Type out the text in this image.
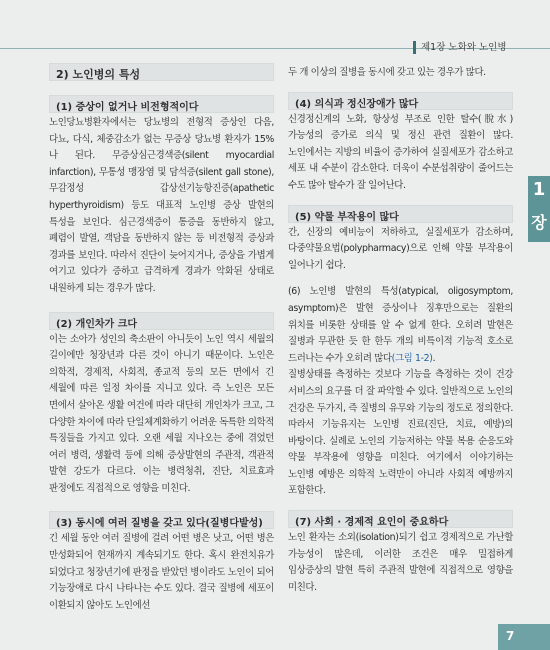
제1장 노화와 노인병
1
장
2) 노인병의 특성
(1) 증상이 없거나 비전형적이다

노인당뇨병환자에서는 당뇨병의 전형적 증상인 다음, 다뇨, 다식, 체중감소가 없는 무증상 당뇨병 환자가 15%나 된다. 무증상심근경색증(silent myocardial infarction), 무통성 맹장염 및 담석증(silent gall stone), 무감정성 갑상선기능항진증(apathetic hyperthyroidism) 등도 대표적 노인병 증상 발현의 특성을 보인다. 심근경색증이 통증을 동반하지 않고, 폐렴이 발열, 객담을 동반하지 않는 등 비전형적 증상과 경과를 보인다. 따라서 진단이 늦어지거나, 증상을 가볍게 여기고 있다가 증하고 급격하게 경과가 악화된 상태로 내원하게 되는 경우가 많다.

(2) 개인차가 크다

이는 소아가 성인의 축소판이 아니듯이 노인 역시 세월의 길이에만 청장년과 다른 것이 아니기 때문이다. 노인은 의학적, 경제적, 사회적, 종교적 등의 모든 면에서 긴 세월에 따른 일정 차이를 지니고 있다. 즉 노인은 모든 면에서 살아온 생활 여건에 따라 대단히 개인차가 크고, 그 다양한 차이에 따라 단일체계화하기 어려운 독특한 의학적 특징들을 가지고 있다. 오랜 세월 지나오는 중에 겪었던 여러 병력, 생활력 등에 의해 증상발현의 주관적, 객관적 발현 강도가 다르다. 이는 병력청취, 진단, 치료효과 판정에도 직접적으로 영향을 미친다.

(3) 동시에 여러 질병을 갖고 있다(질병다발성)

긴 세월 동안 여러 질병에 걸려 어떤 병은 낫고, 어떤 병은 만성화되어 현재까지 계속되기도 한다. 혹시 완전치유가 되었다고 청장년기에 판정을 받았던 병이라도 노인이 되어 기능장애로 다시 나타나는 수도 있다. 결국 질병에 세포이 이환되지 않아도 노인에선

두 개 이상의 질병을 동시에 갖고 있는 경우가 많다.

(4) 의식과 정신장애가 많다

신경정신계의 노화, 항상성 부조로 인한 탈수(脫水) 가능성의 증가로 의식 및 정신 관련 질환이 많다. 노인에서는 지방의 비율이 증가하여 실질세포가 감소하고 세포 내 수분이 감소한다. 더욱이 수분섭취량이 줄어드는 수도 많아 탈수가 잘 일어난다.

(5) 약물 부작용이 많다

간, 신장의 예비능이 저하하고, 실질세포가 감소하며, 다중약물요법(polypharmacy)으로 인해 약물 부작용이 일어나기 쉽다.

(6) 노인병 발현의 특성(atypical, oligosymptom, asymptom)은 발현 증상이나 징후만으로는 질환의 위치를 비롯한 상태를 알 수 없게 한다. 오히려 발현은 질병과 무관한 듯 한 한두 개의 비특이적 기능적 호소로 드러나는 수가 오히려 많다(그림 1-2).

질병상태를 측정하는 것보다 기능을 측정하는 것이 건강 서비스의 요구를 더 잘 파악할 수 있다. 일반적으로 노인의 건강은 두가지, 즉 질병의 유무와 기능의 정도로 정의한다. 따라서 기능유지는 노인병 진료(진단, 치료, 예방)의 바탕이다. 실례로 노인의 기능저하는 약물 복용 순응도와 약물 부작용에 영향을 미친다. 여기에서 이야기하는 노인병 예방은 의학적 노력만이 아니라 사회적 예방까지 포함한다.

(7) 사회 · 경제적 요인이 중요하다

노인 환자는 소외(isolation)되기 쉽고 경제적으로 가난할 가능성이 많은데, 이러한 조건은 매우 밀접하게 임상증상의 발현 특히 주관적 발현에 직접적으로 영향을 미친다.

7
